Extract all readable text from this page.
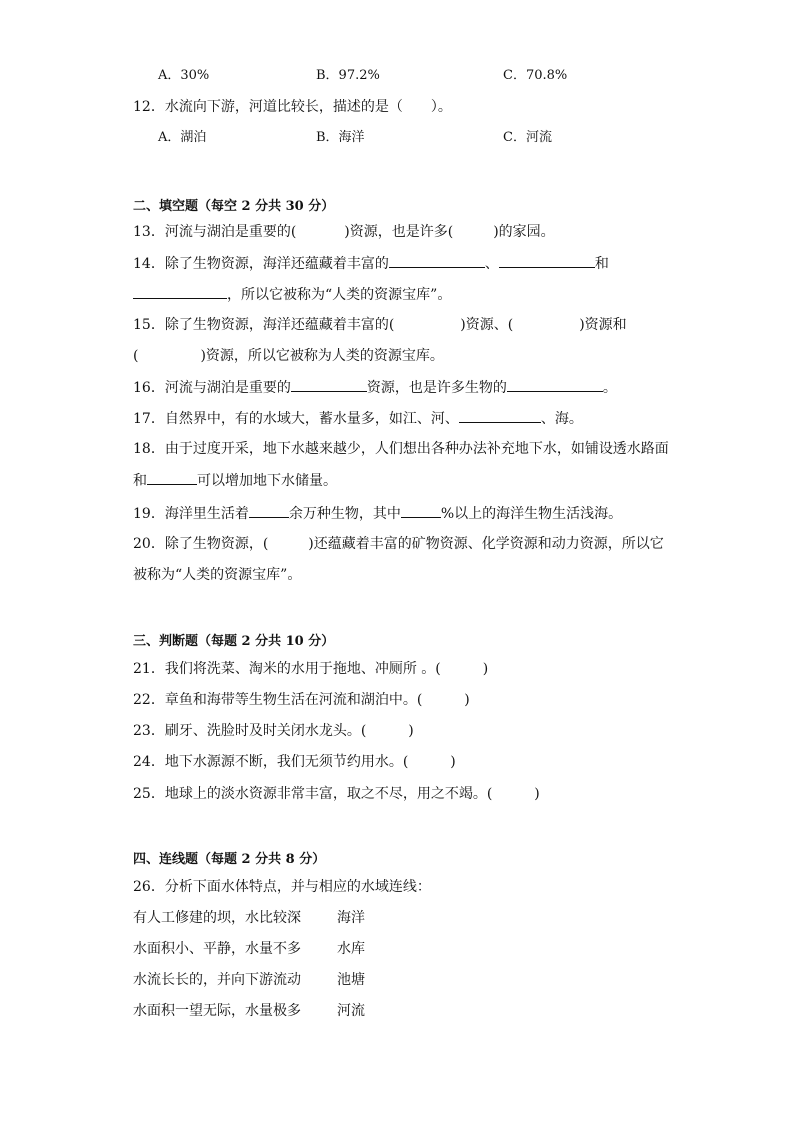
A．30%	B．97.2%	C．70.8%
12．水流向下游，河道比较长，描述的是（　　）。
A．湖泊	B．海洋	C．河流
二、填空题（每空 2 分共 30 分）
13．河流与湖泊是重要的(	)资源，也是许多(	)的家园。
14．除了生物资源，海洋还蕴藏着丰富的	、	和
，所以它被称为“人类的资源宝库”。
15．除了生物资源，海洋还蕴藏着丰富的(	)资源、(	)资源和
(	)资源，所以它被称为人类的资源宝库。
16．河流与湖泊是重要的	资源，也是许多生物的	。
17．自然界中，有的水域大，蓄水量多，如江、河、	、海。
18．由于过度开采，地下水越来越少，人们想出各种办法补充地下水，如铺设透水路面
和	可以增加地下水储量。
19．海洋里生活着	余万种生物，其中	%以上的海洋生物生活浅海。
20．除了生物资源，(	)还蕴藏着丰富的矿物资源、化学资源和动力资源，所以它
被称为“人类的资源宝库”。
三、判断题（每题 2 分共 10 分）
21．我们将洗菜、淘米的水用于拖地、冲厕所 。(　　　)
22．章鱼和海带等生物生活在河流和湖泊中。(　　　)
23．刷牙、洗脸时及时关闭水龙头。(　　　)
24．地下水源源不断，我们无须节约用水。(　　　)
25．地球上的淡水资源非常丰富，取之不尽，用之不竭。(　　　)
四、连线题（每题 2 分共 8 分）
26．分析下面水体特点，并与相应的水域连线：
有人工修建的坝，水比较深	海洋
水面积小、平静，水量不多	水库
水流长长的，并向下游流动	池塘
水面积一望无际，水量极多	河流
